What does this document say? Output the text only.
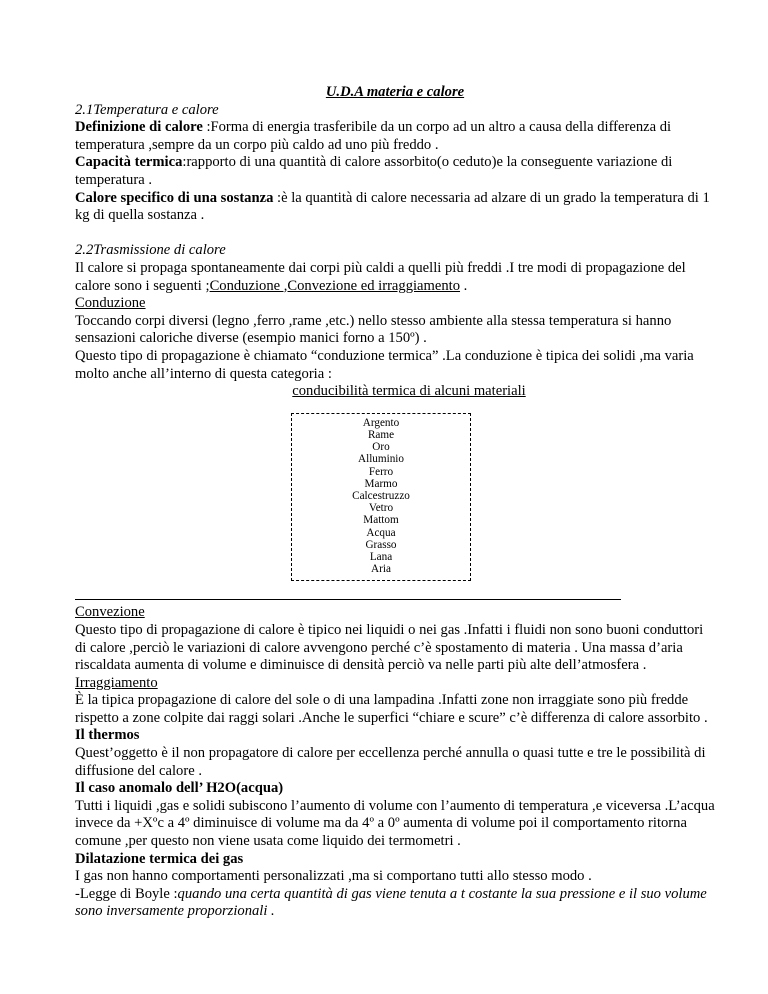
U.D.A materia e calore

2.1Temperatura e calore

Definizione di calore :Forma di energia trasferibile da un corpo ad un altro a causa della differenza di temperatura ,sempre da un corpo più caldo ad uno più freddo .

Capacità termica:rapporto di una quantità di calore assorbito(o ceduto)e la conseguente variazione di temperatura .

Calore specifico di una sostanza :è la quantità di calore necessaria ad alzare di un grado la temperatura di 1 kg di quella sostanza .

2.2Trasmissione di calore

Il calore si propaga spontaneamente dai corpi più caldi a quelli più freddi .I tre modi di propagazione del calore sono i seguenti ;Conduzione ,Convezione ed irraggiamento .

Conduzione

Toccando corpi diversi (legno ,ferro ,rame ,etc.) nello stesso ambiente alla stessa temperatura si hanno sensazioni caloriche diverse (esempio manici forno a 150º) .

Questo tipo di propagazione è chiamato “conduzione termica” .La conduzione è tipica dei solidi ,ma varia molto anche all’interno di questa categoria :

conducibilità termica di alcuni materiali

Argento
Rame
Oro
Alluminio
Ferro
Marmo
Calcestruzzo
Vetro
Mattom
Acqua
Grasso
Lana
Aria

Convezione

Questo tipo di propagazione di calore è tipico nei liquidi o nei gas .Infatti i fluidi non sono buoni conduttori di calore ,perciò le variazioni di calore avvengono perché c’è spostamento di materia . Una massa d’aria riscaldata aumenta di volume e diminuisce di densità perciò va nelle parti più alte dell’atmosfera .

Irraggiamento

È la tipica propagazione di calore del sole o di una lampadina .Infatti zone non irraggiate sono più fredde rispetto a zone colpite dai raggi solari .Anche le superfici “chiare e scure” c’è differenza di calore assorbito .

Il thermos

Quest’oggetto è il non propagatore di calore per eccellenza perché annulla o quasi tutte e tre le possibilità di diffusione del calore .

Il caso anomalo dell’ H2O(acqua)

Tutti i liquidi ,gas e solidi subiscono l’aumento di volume con l’aumento di temperatura ,e viceversa .L’acqua invece da +Xºc a 4º diminuisce di volume ma da 4º a 0º aumenta di volume poi il comportamento ritorna comune ,per questo non viene usata come liquido dei termometri .

Dilatazione termica dei gas

I gas non hanno comportamenti personalizzati ,ma si comportano tutti allo stesso modo .

-Legge di Boyle :quando una certa quantità di gas viene tenuta a t costante la sua pressione e il suo volume sono inversamente proporzionali .
